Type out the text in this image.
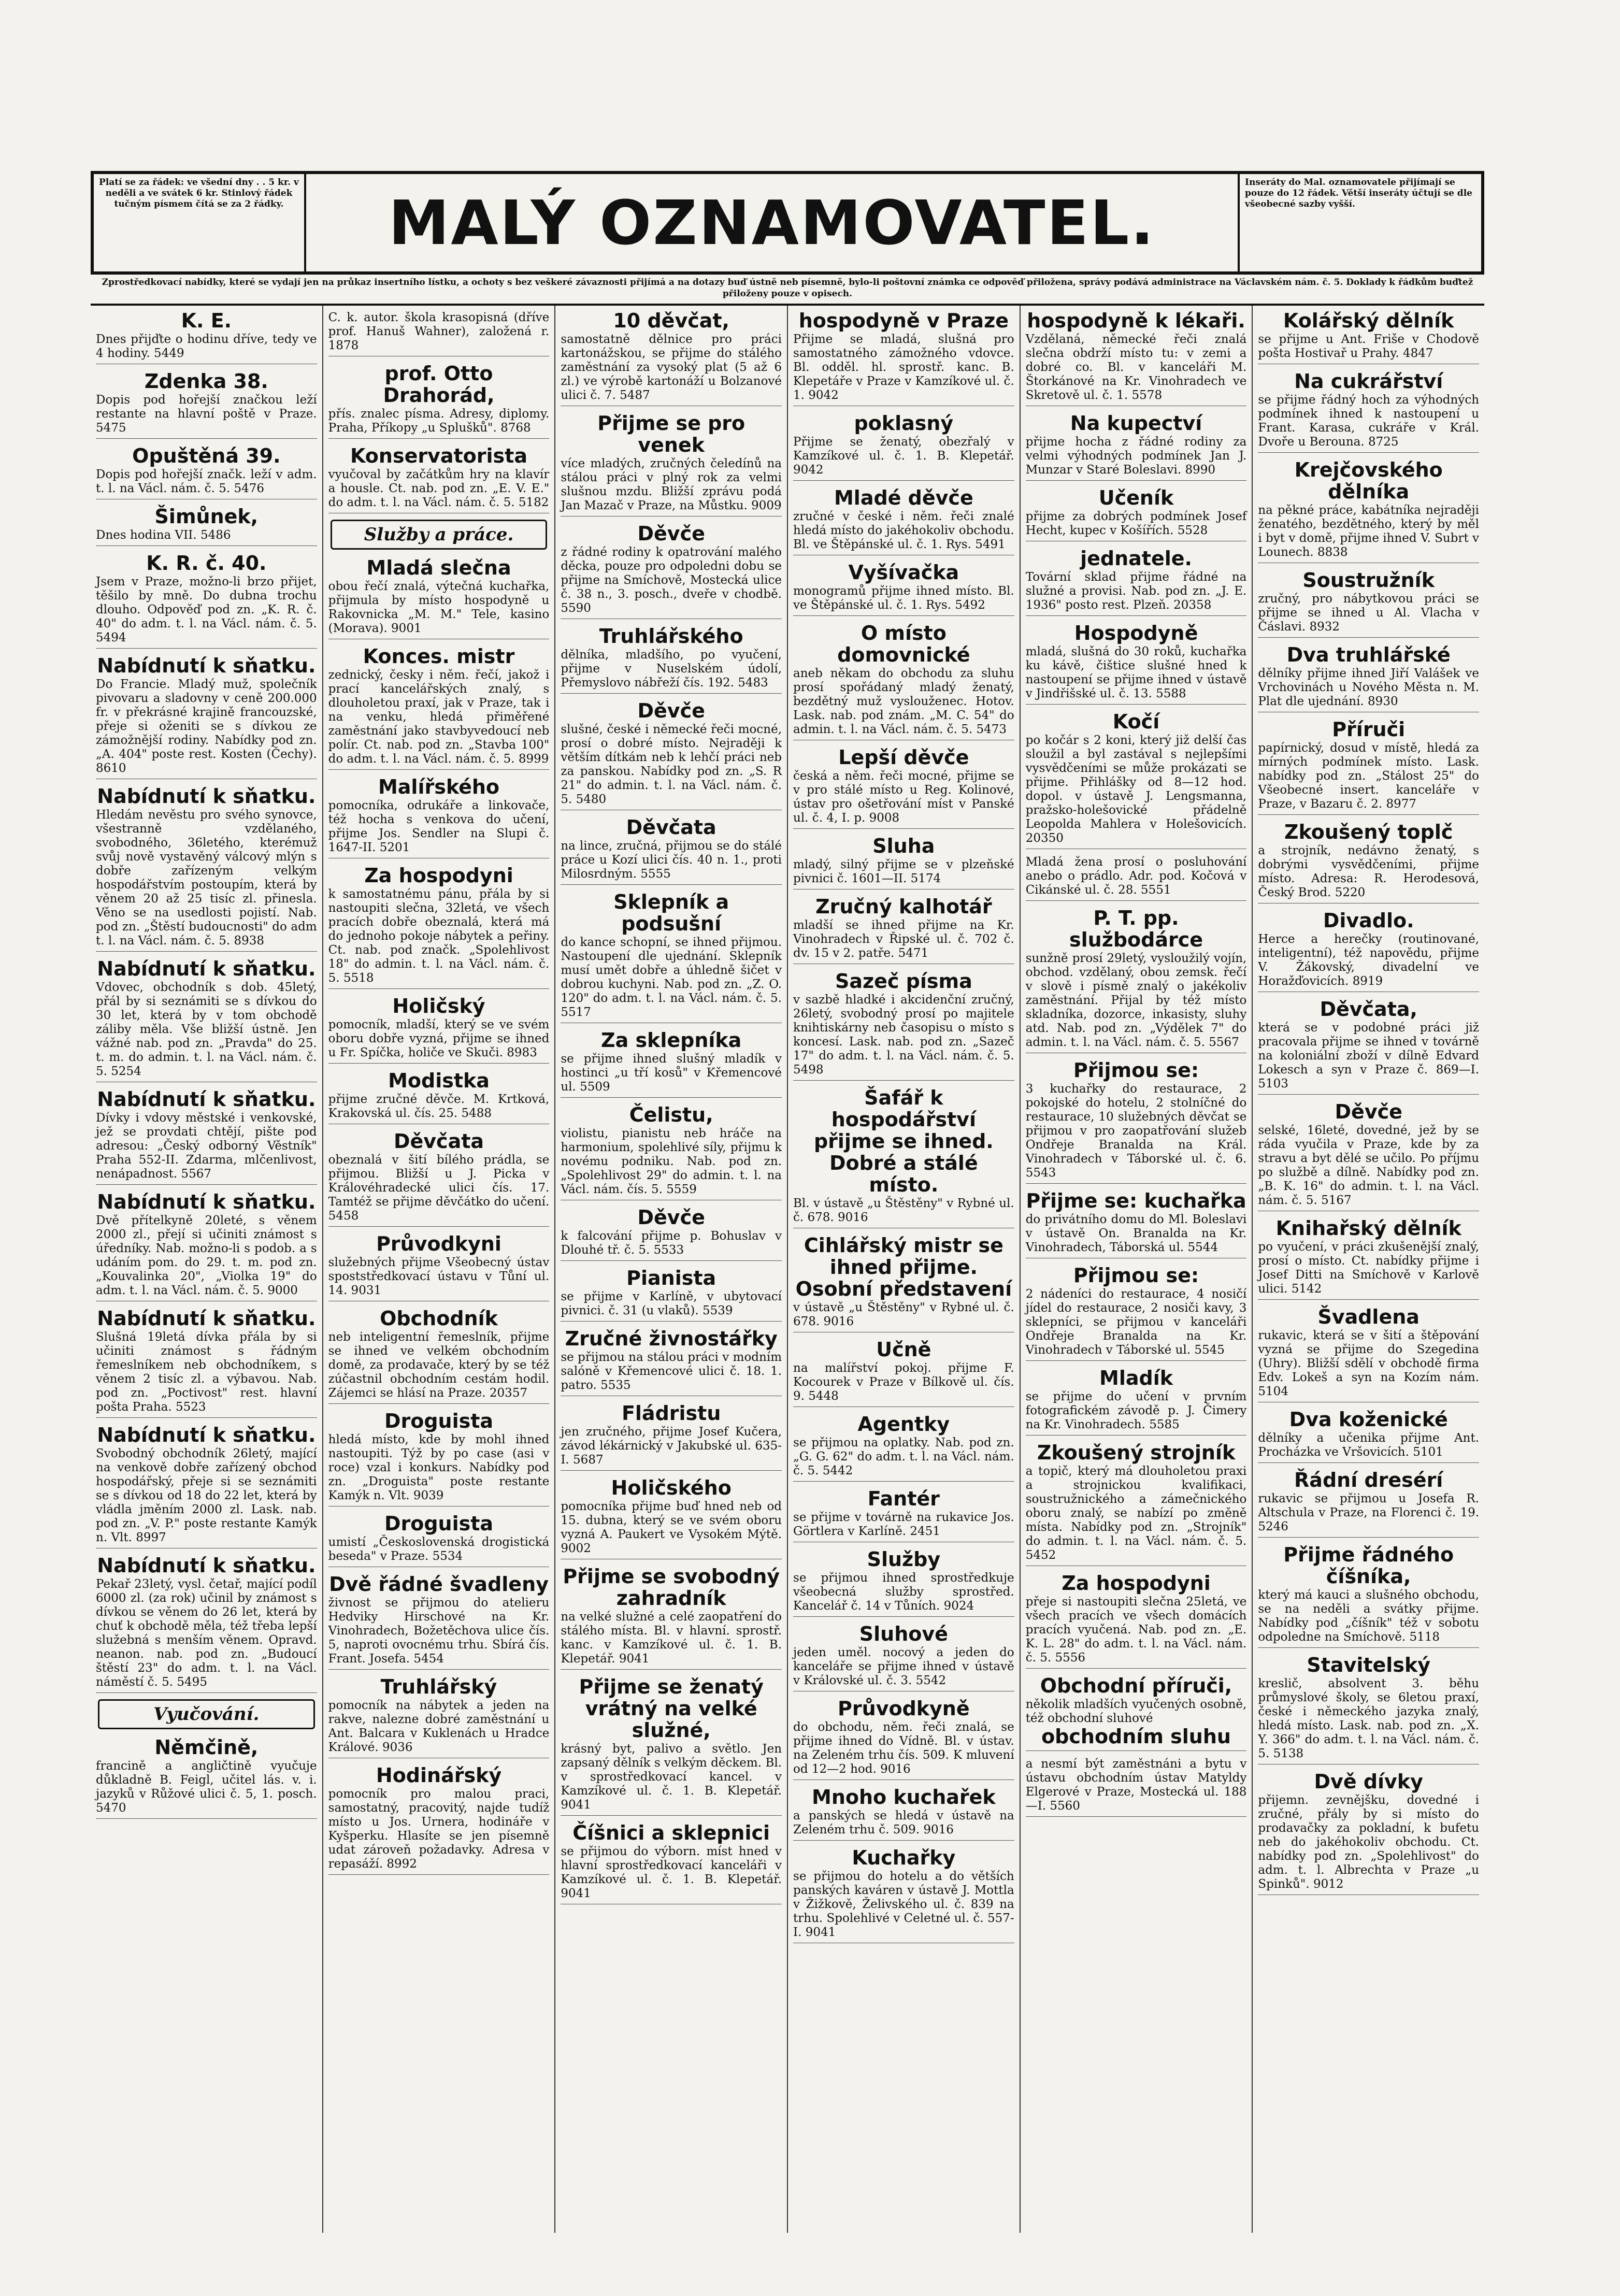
Platí se za řádek: ve všední dny . . 5 kr. v neděli a ve svátek 6 kr. Stinlový řádek tučným písmem čítá se za 2 řádky.	MALÝ OZNAMOVATEL.
Inseráty do Mal. oznamovatele přijímají se pouze do 12 řádek. Větší inseráty účtují se dle všeobecné sazby vyšší.
Zprostředkovací nabídky, které se vydají jen na průkaz insertního lístku, a ochoty s bez veškeré závaznosti přijímá a na dotazy buď ústně neb písemně, bylo-li poštovní známka ce odpověď přiložena, správy podává administrace na Václavském nám. č. 5. Doklady k řádkům buďtež přiloženy pouze v opisech.
K. E.

Dnes přijďte o hodinu dříve, tedy ve 4 hodiny. 5449

Zdenka 38.

Dopis pod hořejší značkou leží restante na hlavní poště v Praze. 5475

Opuštěná 39.

Dopis pod hořejší značk. leží v adm. t. l. na Václ. nám. č. 5. 5476

Šimůnek,

Dnes hodina VII. 5486

K. R. č. 40.

Jsem v Praze, možno-li brzo přijet, těšilo by mně. Do dubna trochu dlouho. Odpověď pod zn. „K. R. č. 40" do adm. t. l. na Václ. nám. č. 5. 5494

Nabídnutí k sňatku.

Do Francie. Mladý muž, společník pivovaru a sladovny v ceně 200.000 fr. v překrásné krajině francouzské, přeje si oženiti se s dívkou ze zámožnější rodiny. Nabídky pod zn. „A. 404" poste rest. Kosten (Čechy). 8610

Nabídnutí k sňatku.

Hledám nevěstu pro svého synovce, všestranně vzdělaného, svobodného, 36letého, kterémuž svůj nově vystavěný válcový mlýn s dobře zařízeným velkým hospodářstvím postoupím, která by věnem 20 až 25 tisíc zl. přinesla. Věno se na usedlosti pojistí. Nab. pod zn. „Štěstí budoucnosti" do adm t. l. na Václ. nám. č. 5. 8938

Nabídnutí k sňatku.

Vdovec, obchodník s dob. 45letý, přál by si seznámiti se s dívkou do 30 let, která by v tom obchodě záliby měla. Vše bližší ústně. Jen vážné nab. pod zn. „Pravda" do 25. t. m. do admin. t. l. na Václ. nám. č. 5. 5254

Nabídnutí k sňatku.

Dívky i vdovy městské i venkovské, jež se provdati chtějí, pište pod adresou: „Český odborný Věstník" Praha 552-II. Zdarma, mlčenlivost, nenápadnost. 5567

Nabídnutí k sňatku.

Dvě přítelkyně 20leté, s věnem 2000 zl., přejí si učiniti známost s úředníky. Nab. možno-li s podob. a s udáním pom. do 29. t. m. pod zn. „Kouvalinka 20", „Violka 19" do adm. t. l. na Václ. nám. č. 5. 9000

Nabídnutí k sňatku.

Slušná 19letá dívka přála by si učiniti známost s řádným řemeslníkem neb obchodníkem, s věnem 2 tisíc zl. a výbavou. Nab. pod zn. „Poctivost" rest. hlavní pošta Praha. 5523

Nabídnutí k sňatku.

Svobodný obchodník 26letý, mající na venkově dobře zařízený obchod hospodářský, přeje si se seznámiti se s dívkou od 18 do 22 let, která by vládla jměním 2000 zl. Lask. nab. pod zn. „V. P." poste restante Kamýk n. Vlt. 8997

Nabídnutí k sňatku.

Pekař 23letý, vysl. četař, mající podíl 6000 zl. (za rok) učinil by známost s dívkou se věnem do 26 let, která by chuť k obchodě měla, též třeba lepší služebná s menším věnem. Opravd. neanon. nab. pod zn. „Budoucí štěstí 23" do adm. t. l. na Václ. náměstí č. 5. 5495

Vyučování.
Němčině,

francině a angličtině vyučuje důkladně B. Feigl, učitel lás. v. i. jazyků v Růžové ulici č. 5, 1. posch. 5470

C. k. autor. škola krasopisná (dříve prof. Hanuš Wahner), založená r. 1878

prof. Otto Drahorád,

přís. znalec písma. Adresy, diplomy. Praha, Příkopy „u Splušků". 8768

Konservatorista

vyučoval by začátkům hry na klavír a housle. Ct. nab. pod zn. „E. V. E." do adm. t. l. na Václ. nám. č. 5. 5182

Služby a práce.
Mladá slečna

obou řečí znalá, výtečná kuchařka, přijmula by místo hospodyně u Rakovnicka „M. M." Tele, kasino (Morava). 9001

Konces. mistr

zednický, česky i něm. řečí, jakož i prací kancelářských znalý, s dlouholetou praxí, jak v Praze, tak i na venku, hledá přiměřené zaměstnání jako stavbyvedoucí neb polír. Ct. nab. pod zn. „Stavba 100" do adm. t. l. na Václ. nám. č. 5. 8999

Malířského

pomocníka, odrukáře a linkovače, též hocha s venkova do učení, přijme Jos. Sendler na Slupi č. 1647-II. 5201

Za hospodyni

k samostatnému pánu, přála by si nastoupiti slečna, 32letá, ve všech pracích dobře obeznalá, která má do jednoho pokoje nábytek a peřiny. Ct. nab. pod značk. „Spolehlivost 18" do admin. t. l. na Václ. nám. č. 5. 5518

Holičský

pomocník, mladší, který se ve svém oboru dobře vyzná, přijme se ihned u Fr. Spíčka, holiče ve Skuči. 8983

Modistka

přijme zručné děvče. M. Krtková, Krakovská ul. čís. 25. 5488

Děvčata

obeznalá v šití bílého prádla, se přijmou. Bližší u J. Picka v Královéhradecké ulici čís. 17. Tamtéž se přijme děvčátko do učení. 5458

Průvodkyni

služebných přijme Všeobecný ústav spoststředkovací ústavu v Tůní ul. 14. 9031

Obchodník

neb inteligentní řemeslník, přijme se ihned ve velkém obchodním domě, za prodavače, který by se též zúčastnil obchodním cestám hodil. Zájemci se hlásí na Praze. 20357

Droguista

hledá místo, kde by mohl ihned nastoupiti. Týž by po case (asi v roce) vzal i konkurs. Nabídky pod zn. „Droguista" poste restante Kamýk n. Vlt. 9039

Droguista

umistí „Československá drogistická beseda" v Praze. 5534

Dvě řádné švadleny

živnost se přijmou do atelieru Hedviky Hirschové na Kr. Vinohradech, Božetěchova ulice čís. 5, naproti ovocnému trhu. Sbírá čís. Frant. Josefa. 5454

Truhlářský

pomocník na nábytek a jeden na rakve, nalezne dobré zaměstnání u Ant. Balcara v Kuklenách u Hradce Králové. 9036

Hodinářský

pomocník pro malou praci, samostatný, pracovitý, najde tudíž místo u Jos. Urnera, hodináře v Kyšperku. Hlasíte se jen písemně udat zároveň požadavky. Adresa v repasáží. 8992

10 děvčat,

samostatně dělnice pro práci kartonážskou, se přijme do stálého zaměstnání za vysoký plat (5 až 6 zl.) ve výrobě kartonáží u Bolzanové ulici č. 7. 5487

Přijme se pro venek

více mladých, zručných čeledínů na stálou práci v plný rok za velmi slušnou mzdu. Bližší zprávu podá Jan Mazač v Praze, na Můstku. 9009

Děvče

z řádné rodiny k opatrování malého děcka, pouze pro odpoledni dobu se přijme na Smíchově, Mostecká ulice č. 38 n., 3. posch., dveře v chodbě. 5590

Truhlářského

dělníka, mladšího, po vyučení, přijme v Nuselském údolí, Přemyslovo nábřeží čís. 192. 5483

Děvče

slušné, české i německé řeči mocné, prosí o dobré místo. Nejraději k větším dítkám neb k lehčí práci neb za panskou. Nabídky pod zn. „S. R 21" do admin. t. l. na Václ. nám. č. 5. 5480

Děvčata

na lince, zručná, přijmou se do stálé práce u Kozí ulici čís. 40 n. 1., proti Milosrdným. 5555

Sklepník a podsušní

do kance schopní, se ihned přijmou. Nastoupení dle ujednání. Sklepník musí umět dobře a úhledně šičet v dobrou kuchyni. Nab. pod zn. „Z. O. 120" do adm. t. l. na Václ. nám. č. 5. 5517

Za sklepníka

se přijme ihned slušný mladík v hostinci „u tří kosů" v Křemencové ul. 5509

Čelistu,

violistu, pianistu neb hráče na harmonium, spolehlivé síly, přijmu k novému podniku. Nab. pod zn. „Spolehlivost 29" do admin. t. l. na Václ. nám. čís. 5. 5559

Děvče

k falcování přijme p. Bohuslav v Dlouhé tř. č. 5. 5533

Pianista

se přijme v Karlíně, v ubytovací pivnici. č. 31 (u vlaků). 5539

Zručné živnostářky

se přijmou na stálou práci v modním salóně v Křemencové ulici č. 18. 1. patro. 5535

Fládristu

jen zručného, přijme Josef Kučera, závod lékárnický v Jakubské ul. 635-I. 5687

Holičského

pomocníka přijme buď hned neb od 15. dubna, který se ve svém oboru vyzná A. Paukert ve Vysokém Mýtě. 9002

Přijme se svobodný zahradník

na velké služné a celé zaopatření do stálého místa. Bl. v hlavní. sprostř. kanc. v Kamzíkové ul. č. 1. B. Klepetář. 9041

Přijme se ženatý vrátný na velké služné,

krásný byt, palivo a světlo. Jen zapsaný dělník s velkým děckem. Bl. v sprostředkovací kancel. v Kamzíkové ul. č. 1. B. Klepetář. 9041

Číšnici a sklepnici

se přijmou do výborn. míst hned v hlavní sprostředkovací kanceláři v Kamzíkové ul. č. 1. B. Klepetář. 9041

hospodyně v Praze

Přijme se mladá, slušná pro samostatného zámožného vdovce. Bl. odděl. hl. sprostř. kanc. B. Klepetáře v Praze v Kamzíkové ul. č. 1. 9042

poklasný

Přijme se ženatý, obezřalý v Kamzíkové ul. č. 1. B. Klepetář. 9042

Mladé děvče

zručné v české i něm. řeči znalé hledá místo do jakéhokoliv obchodu. Bl. ve Štěpánské ul. č. 1. Rys. 5491

Vyšívačka

monogramů přijme ihned místo. Bl. ve Štěpánské ul. č. 1. Rys. 5492

O místo domovnické

aneb někam do obchodu za sluhu prosí spořádaný mladý ženatý, bezdětný muž vyslouženec. Hotov. Lask. nab. pod znám. „M. C. 54" do admin. t. l. na Václ. nám. č. 5. 5473

Lepší děvče

česká a něm. řeči mocné, přijme se v pro stálé místo u Reg. Kolinové, ústav pro ošetřování míst v Panské ul. č. 4, I. p. 9008

Sluha

mladý, silný přijme se v plzeňské pivnici č. 1601—II. 5174

Zručný kalhotář

mladší se ihned přijme na Kr. Vinohradech v Řipské ul. č. 702 č. dv. 15 v 2. patře. 5471

Sazeč písma

v sazbě hladké i akcidenční zručný, 26letý, svobodný prosí po majitele knihtiskárny neb časopisu o místo s koncesí. Lask. nab. pod zn. „Sazeč 17" do adm. t. l. na Václ. nám. č. 5. 5498

Šafář k hospodářství přijme se ihned. Dobré a stálé místo.

Bl. v ústavě „u Štěstěny" v Rybné ul. č. 678. 9016

Cihlářský mistr se ihned přijme. Osobní představení

v ústavě „u Štěstěny" v Rybné ul. č. 678. 9016

Učně

na malířství pokoj. přijme F. Kocourek v Praze v Bílkově ul. čís. 9. 5448

Agentky

se přijmou na oplatky. Nab. pod zn. „G. G. 62" do adm. t. l. na Václ. nám. č. 5. 5442

Fantér

se přijme v továrně na rukavice Jos. Görtlera v Karlíně. 2451

Služby

se přijmou ihned sprostředkuje všeobecná služby sprostřed. Kancelář č. 14 v Tůních. 9024

Sluhové

jeden uměl. nocový a jeden do kanceláře se přijme ihned v ústavě v Královské ul. č. 3. 5542

Průvodkyně

do obchodu, něm. řeči znalá, se přijme ihned do Vídně. Bl. v ústav. na Zeleném trhu čís. 509. K mluvení od 12—2 hod. 9016

Mnoho kuchařek

a panských se hledá v ústavě na Zeleném trhu č. 509. 9016

Kuchařky

se přijmou do hotelu a do větších panských kaváren v ústavě J. Mottla v Žižkově, Želivského ul. č. 839 na trhu. Spolehlivé v Celetné ul. č. 557-I. 9041

hospodyně k lékaři.

Vzdělaná, německé řeči znalá slečna obdrží místo tu: v zemi a dobré co. Bl. v kanceláři M. Štorkánové na Kr. Vinohradech ve Skretově ul. č. 1. 5578

Na kupectví

přijme hocha z řádné rodiny za velmi výhodných podmínek Jan J. Munzar v Staré Boleslavi. 8990

Učeník

přijme za dobrých podmínek Josef Hecht, kupec v Košířích. 5528

jednatele.

Tovární sklad přijme řádné na služné a provisi. Nab. pod zn. „J. E. 1936" posto rest. Plzeň. 20358

Hospodyně

mladá, slušná do 30 roků, kuchařka ku kávě, čištice slušné hned k nastoupení se přijme ihned v ústavě v Jindřišské ul. č. 13. 5588

Kočí

po kočár s 2 koni, který již delší čas sloužil a byl zastával s nejlepšími vysvědčeními se může prokázati se přijme. Přihlášky od 8—12 hod. dopol. v ústavě J. Lengsmanna, pražsko-holešovické přádelně Leopolda Mahlera v Holešovicích. 20350

Mladá žena prosí o posluhování anebo o prádlo. Adr. pod. Kočová v Cikánské ul. č. 28. 5551

P. T. pp. službodárce

sunžně prosí 29letý, vysloužilý vojín, obchod. vzdělaný, obou zemsk. řečí v slově i písmě znalý o jakékoliv zaměstnání. Přijal by též místo skladníka, dozorce, inkasisty, sluhy atd. Nab. pod zn. „Výdělek 7" do admin. t. l. na Václ. nám. č. 5. 5567

Přijmou se:

3 kuchařky do restaurace, 2 pokojské do hotelu, 2 stolníčné do restaurace, 10 služebných děvčat se přijmou v pro zaopatřování služeb Ondřeje Branalda na Král. Vinohradech v Táborské ul. č. 6. 5543

Přijme se: kuchařka

do privátního domu do Ml. Boleslavi v ústavě On. Branalda na Kr. Vinohradech, Táborská ul. 5544

Přijmou se:

2 nádeníci do restaurace, 4 nosičí jídel do restaurace, 2 nosiči kavy, 3 sklepníci, se přijmou v kanceláři Ondřeje Branalda na Kr. Vinohradech v Táborské ul. 5545

Mladík

se přijme do učení v prvním fotografickém závodě p. J. Čimery na Kr. Vinohradech. 5585

Zkoušený strojník

a topič, který má dlouholetou praxi a strojnickou kvalifikaci, soustružnického a zámečnického oboru znalý, se nabízí po změně místa. Nabídky pod zn. „Strojník" do admin. t. l. na Václ. nám. č. 5. 5452

Za hospodyni

přeje si nastoupiti slečna 25letá, ve všech pracích ve všech domácích pracích vyučená. Nab. pod zn. „E. K. L. 28" do adm. t. l. na Václ. nám. č. 5. 5556

Obchodní příruči,

několik mladších vyučených osobně, též obchodní sluhové

obchodním sluhu

a nesmí být zaměstnáni a bytu v ústavu obchodním ústav Matyldy Elgerové v Praze, Mostecká ul. 188—I. 5560

Kolářský dělník

se přijme u Ant. Friše v Chodově pošta Hostivař u Prahy. 4847

Na cukrářství

se přijme řádný hoch za výhodných podmínek ihned k nastoupení u Frant. Karasa, cukráře v Král. Dvoře u Berouna. 8725

Krejčovského dělníka

na pěkné práce, kabátníka nejraději ženatého, bezdětného, který by měl i byt v domě, přijme ihned V. Subrt v Lounech. 8838

Soustružník

zručný, pro nábytkovou práci se přijme se ihned u Al. Vlacha v Čáslavi. 8932

Dva truhlářské

dělníky přijme ihned Jiří Valášek ve Vrchovinách u Nového Města n. M. Plat dle ujednání. 8930

Příruči

papírnický, dosud v místě, hledá za mírných podmínek místo. Lask. nabídky pod zn. „Stálost 25" do Všeobecné insert. kanceláře v Praze, v Bazaru č. 2. 8977

Zkoušený toplč

a strojník, nedávno ženatý, s dobrými vysvědčeními, přijme místo. Adresa: R. Herodesová, Český Brod. 5220

Divadlo.

Herce a herečky (routinované, inteligentní), též napovědu, přijme V. Žákovský, divadelní ve Horažďovicích. 8919

Děvčata,

která se v podobné práci již pracovala přijme se ihned v továrně na koloniální zboží v dílně Edvard Lokesch a syn v Praze č. 869—I. 5103

Děvče

selské, 16leté, dovedné, jež by se ráda vyučila v Praze, kde by za stravu a byt dělé se učilo. Po příjmu po službě a dílně. Nabídky pod zn. „B. K. 16" do admin. t. l. na Václ. nám. č. 5. 5167

Knihařský dělník

po vyučení, v práci zkušenější znalý, prosí o místo. Ct. nabídky přijme i Josef Ditti na Smíchově v Karlově ulici. 5142

Švadlena

rukavic, která se v šití a štěpování vyzná se přijme do Szegedina (Uhry). Bližší sdělí v obchodě firma Edv. Lokeš a syn na Kozím nám. 5104

Dva koženické

dělníky a učenika přijme Ant. Procházka ve Vršovicích. 5101

Řádní dresérí

rukavic se přijmou u Josefa R. Altschula v Praze, na Florenci č. 19. 5246

Přijme řádného číšníka,

který má kauci a slušného obchodu, se na neděli a svátky přijme. Nabídky pod „číšník" též v sobotu odpoledne na Smíchově. 5118

Stavitelský

kreslič, absolvent 3. běhu průmyslové školy, se 6letou praxí, české i německého jazyka znalý, hledá místo. Lask. nab. pod zn. „X. Y. 366" do adm. t. l. na Václ. nám. č. 5. 5138

Dvě dívky

přijemn. zevnějšku, dovedné i zručné, přály by si místo do prodavačky za pokladní, k bufetu neb do jakéhokoliv obchodu. Ct. nabídky pod zn. „Spolehlivost" do adm. t. l. Albrechta v Praze „u Spinků". 9012
